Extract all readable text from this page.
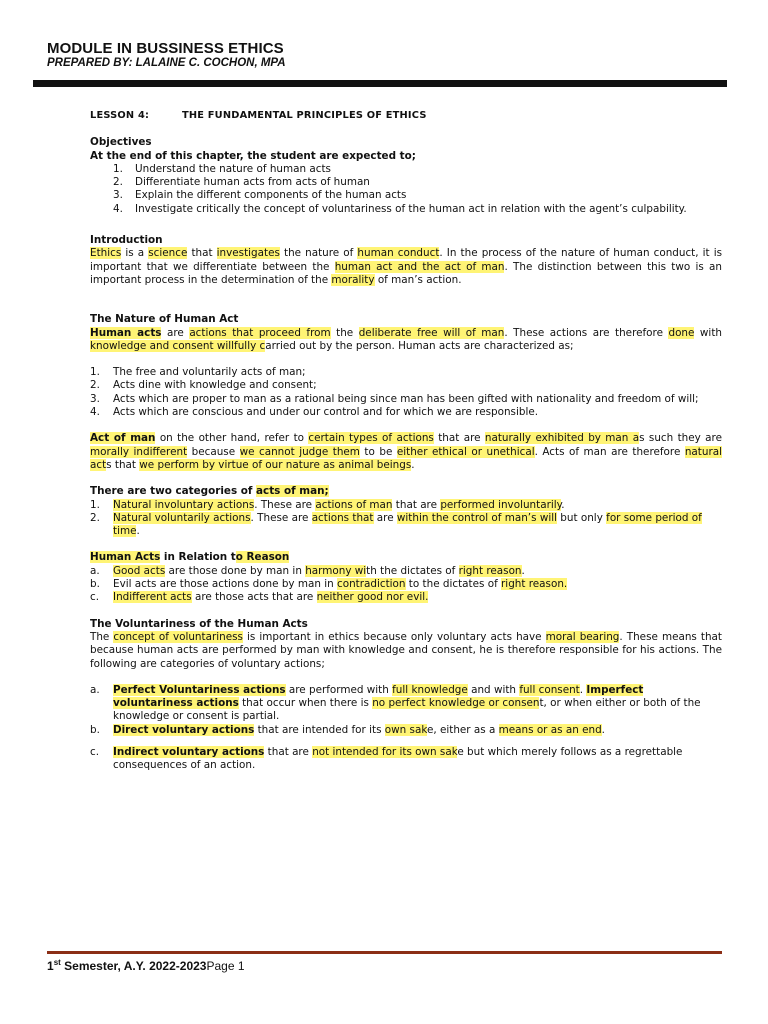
MODULE IN BUSSINESS ETHICS
PREPARED BY: LALAINE C. COCHON, MPA
LESSON 4:	THE FUNDAMENTAL PRINCIPLES OF ETHICS

Objectives

At the end of this chapter, the student are expected to;

1.	Understand the nature of human acts
2.	Differentiate human acts from acts of human
3.	Explain the different components of the human acts
4.	Investigate critically the concept of voluntariness of the human act in relation with the agent’s culpability.

Introduction

Ethics is a science that investigates the nature of human conduct. In the process of the nature of human conduct, it is important that we differentiate between the human act and the act of man. The distinction between this two is an important process in the determination of the morality of man’s action.

The Nature of Human Act

Human acts are actions that proceed from the deliberate free will of man. These actions are therefore done with knowledge and consent willfully carried out by the person. Human acts are characterized as;

1.	The free and voluntarily acts of man;
2.	Acts dine with knowledge and consent;
3.	Acts which are proper to man as a rational being since man has been gifted with nationality and freedom of will;
4.	Acts which are conscious and under our control and for which we are responsible.

Act of man on the other hand, refer to certain types of actions that are naturally exhibited by man as such they are morally indifferent because we cannot judge them to be either ethical or unethical. Acts of man are therefore natural acts that we perform by virtue of our nature as animal beings.

There are two categories of acts of man;

1.	Natural involuntary actions. These are actions of man that are performed involuntarily.
2.	Natural voluntarily actions. These are actions that are within the control of man’s will but only for some period of time.

Human Acts in Relation to Reason

a.	Good acts are those done by man in harmony with the dictates of right reason.
b.	Evil acts are those actions done by man in contradiction to the dictates of right reason.
c.	Indifferent acts are those acts that are neither good nor evil.

The Voluntariness of the Human Acts

The concept of voluntariness is important in ethics because only voluntary acts have moral bearing. These means that because human acts are performed by man with knowledge and consent, he is therefore responsible for his actions. The following are categories of voluntary actions;

a.	Perfect Voluntariness actions are performed with full knowledge and with full consent. Imperfect voluntariness actions that occur when there is no perfect knowledge or consent, or when either or both of the knowledge or consent is partial.
b.	Direct voluntary actions that are intended for its own sake, either as a means or as an end.
c.	Indirect voluntary actions that are not intended for its own sake but which merely follows as a regrettable consequences of an action.
1st Semester, A.Y. 2022-2023Page 1
